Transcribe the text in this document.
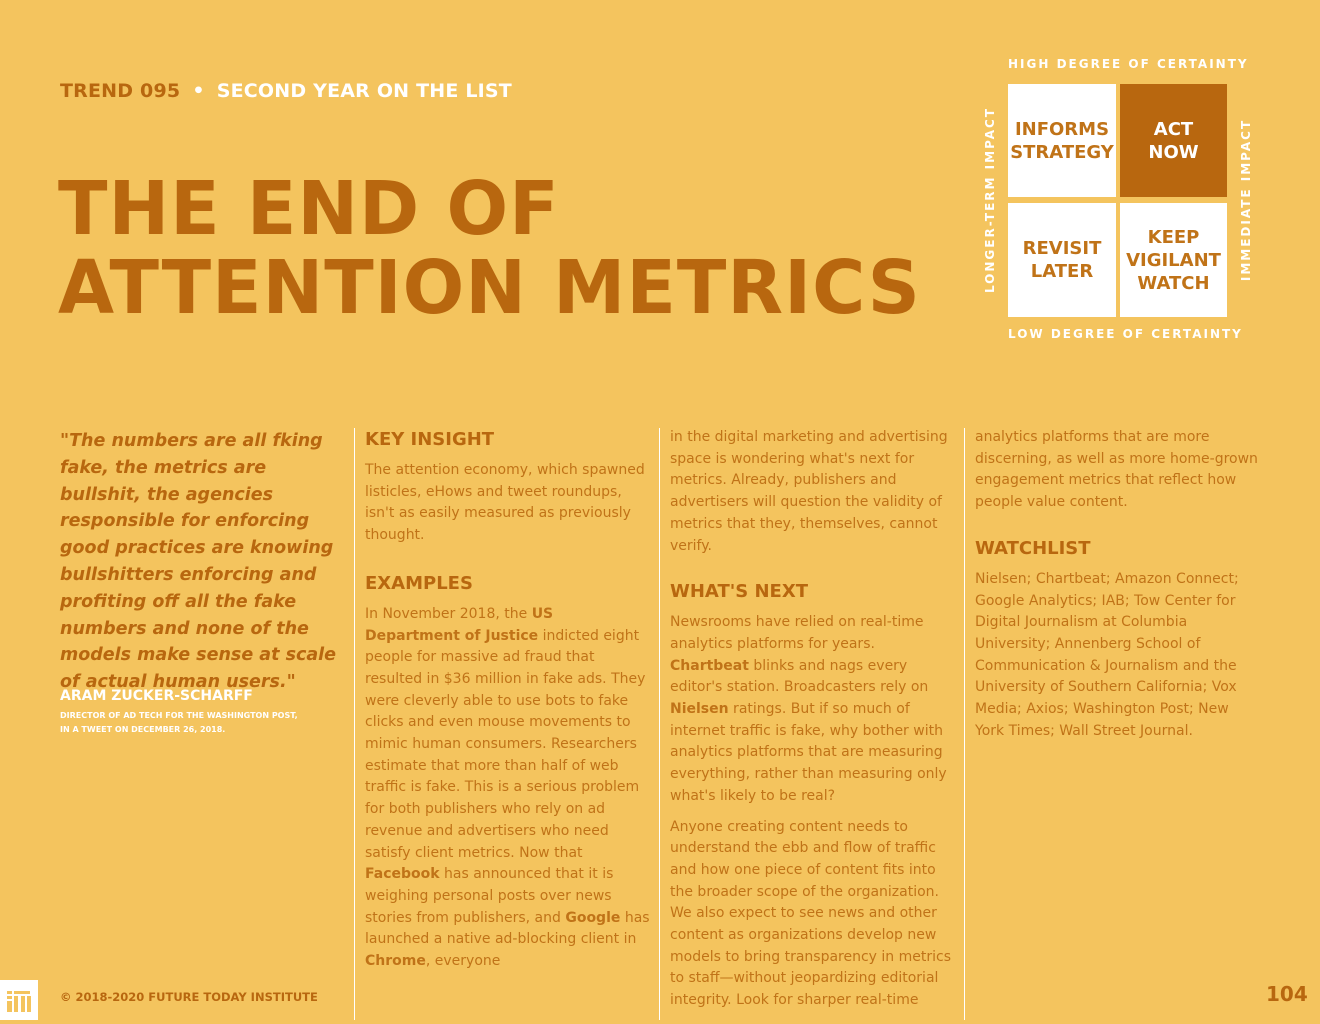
TREND 095 • SECOND YEAR ON THE LIST
THE END OF
ATTENTION METRICS
HIGH DEGREE OF CERTAINTY
LOW DEGREE OF CERTAINTY
LONGER-TERM IMPACT	IMMEDIATE IMPACT
INFORMS
STRATEGY
ACT
NOW
REVISIT
LATER
KEEP
VIGILANT
WATCH

"The numbers are all fking fake, the metrics are bullshit, the agencies responsible for enforcing good practices are knowing bullshitters enforcing and profiting off all the fake numbers and none of the models make sense at scale of actual human users."

ARAM ZUCKER-SCHARFF
DIRECTOR OF AD TECH FOR THE WASHINGTON POST,
IN A TWEET ON DECEMBER 26, 2018.
KEY INSIGHT

The attention economy, which spawned listicles, eHows and tweet roundups, isn't as easily measured as previously thought.

EXAMPLES

In November 2018, the US Department of Justice indicted eight people for massive ad fraud that resulted in $36 million in fake ads. They were cleverly able to use bots to fake clicks and even mouse movements to mimic human consumers. Researchers estimate that more than half of web traffic is fake. This is a serious problem for both publishers who rely on ad revenue and advertisers who need satisfy client metrics. Now that Facebook has announced that it is weighing personal posts over news stories from publishers, and Google has launched a native ad-blocking client in Chrome, everyone

in the digital marketing and advertising space is wondering what's next for metrics. Already, publishers and advertisers will question the validity of metrics that they, themselves, cannot verify.

WHAT'S NEXT

Newsrooms have relied on real-time analytics platforms for years. Chartbeat blinks and nags every editor's station. Broadcasters rely on Nielsen ratings. But if so much of internet traffic is fake, why bother with analytics platforms that are measuring everything, rather than measuring only what's likely to be real?

Anyone creating content needs to understand the ebb and flow of traffic and how one piece of content fits into the broader scope of the organization. We also expect to see news and other content as organizations develop new models to bring transparency in metrics to staff—without jeopardizing editorial integrity. Look for sharper real-time

analytics platforms that are more discerning, as well as more home-grown engagement metrics that reflect how people value content.

WATCHLIST

Nielsen; Chartbeat; Amazon Connect; Google Analytics; IAB; Tow Center for Digital Journalism at Columbia University; Annenberg School of Communication & Journalism and the University of Southern California; Vox Media; Axios; Washington Post; New York Times; Wall Street Journal.

© 2018-2020 FUTURE TODAY INSTITUTE	104
